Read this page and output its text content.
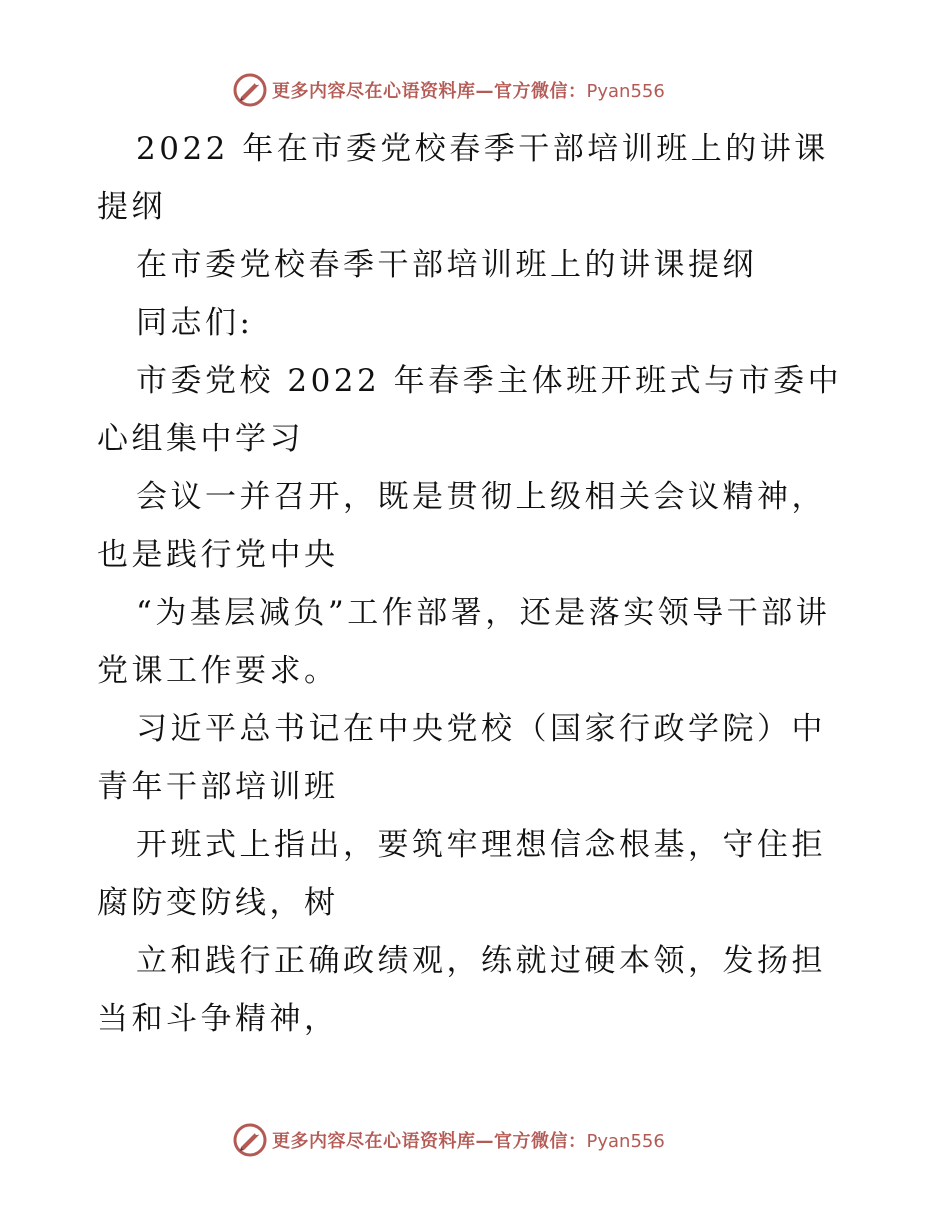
更多内容尽在心语资料库—官方微信：Pyan556

2022 年在市委党校春季干部培训班上的讲课提纲

在市委党校春季干部培训班上的讲课提纲

同志们:

市委党校 2022 年春季主体班开班式与市委中心组集中学习

会议一并召开，既是贯彻上级相关会议精神，也是践行党中央

“为基层减负”工作部署，还是落实领导干部讲党课工作要求。

习近平总书记在中央党校（国家行政学院）中青年干部培训班

开班式上指出，要筑牢理想信念根基，守住拒腐防变防线，树

立和践行正确政绩观，练就过硬本领，发扬担当和斗争精神，

更多内容尽在心语资料库—官方微信：Pyan556
